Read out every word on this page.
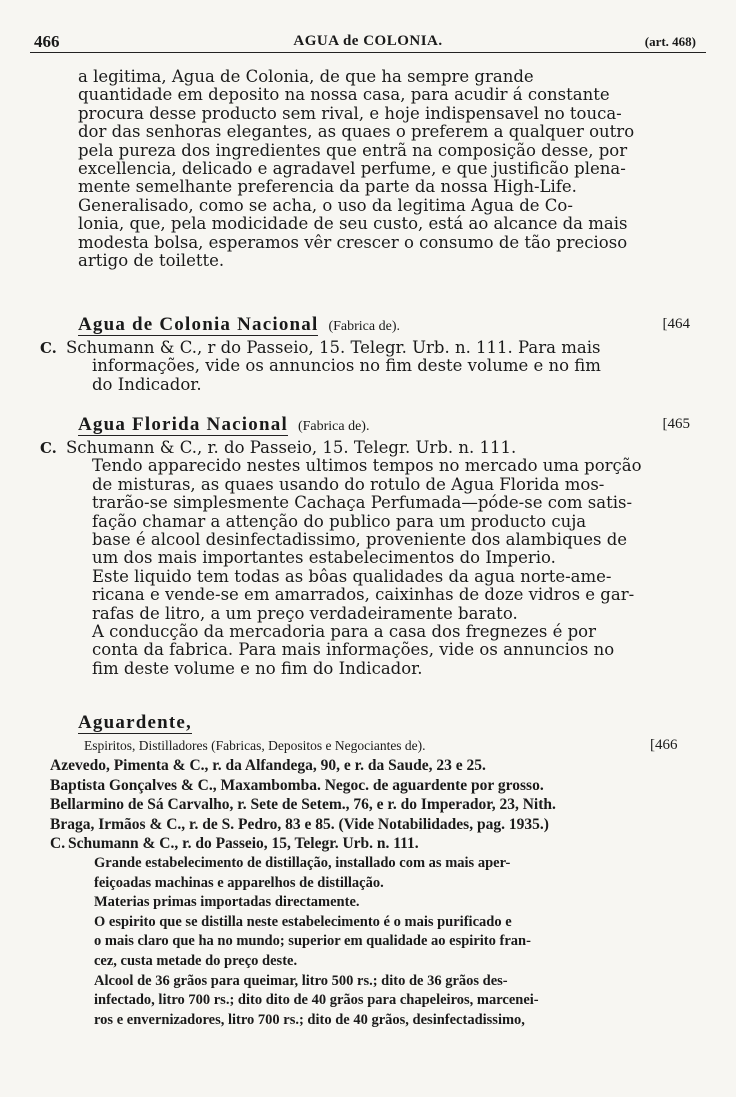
466	AGUA de COLONIA.	(art. 468)

a legitima, Agua de Colonia, de que ha sempre grande

quantidade em deposito na nossa casa, para acudir á constante

procura desse producto sem rival, e hoje indispensavel no touca-

dor das senhoras elegantes, as quaes o preferem a qualquer outro

pela pureza dos ingredientes que entrã na composição desse, por

excellencia, delicado e agradavel perfume, e que justificão plena-

mente semelhante preferencia da parte da nossa High-Life.

Generalisado, como se acha, o uso da legitima Agua de Co-

lonia, que, pela modicidade de seu custo, está ao alcance da mais

modesta bolsa, esperamos vêr crescer o consumo de tão precioso

artigo de toilette.

Agua de Colonia Nacional (Fabrica de).	[464
C. Schumann & C., r do Passeio, 15. Telegr. Urb. n. 111. Para mais
informações, vide os annuncios no fim deste volume e no fim
do Indicador.
Agua Florida Nacional (Fabrica de).	[465
C. Schumann & C., r. do Passeio, 15. Telegr. Urb. n. 111.
Tendo apparecido nestes ultimos tempos no mercado uma porção
de misturas, as quaes usando do rotulo de Agua Florida mos-
trarão-se simplesmente Cachaça Perfumada—póde-se com satis-
fação chamar a attenção do publico para um producto cuja
base é alcool desinfectadissimo, proveniente dos alambiques de
um dos mais importantes estabelecimentos do Imperio.
Este liquido tem todas as bôas qualidades da agua norte-ame-
ricana e vende-se em amarrados, caixinhas de doze vidros e gar-
rafas de litro, a um preço verdadeiramente barato.
A conducção da mercadoria para a casa dos fregnezes é por
conta da fabrica. Para mais informações, vide os annuncios no
fim deste volume e no fim do Indicador.
Aguardente,
Espiritos, Distilladores (Fabricas, Depositos e Negociantes de).	[466
Azevedo, Pimenta & C., r. da Alfandega, 90, e r. da Saude, 23 e 25.
Baptista Gonçalves & C., Maxambomba. Negoc. de aguardente por grosso.
Bellarmino de Sá Carvalho, r. Sete de Setem., 76, e r. do Imperador, 23, Nith.
Braga, Irmãos & C., r. de S. Pedro, 83 e 85. (Vide Notabilidades, pag. 1935.)
C. Schumann & C., r. do Passeio, 15, Telegr. Urb. n. 111.
Grande estabelecimento de distillação, installado com as mais aper-
feiçoadas machinas e apparelhos de distillação.
Materias primas importadas directamente.
O espirito que se distilla neste estabelecimento é o mais purificado e
o mais claro que ha no mundo; superior em qualidade ao espirito fran-
cez, custa metade do preço deste.
Alcool de 36 grãos para queimar, litro 500 rs.; dito de 36 grãos des-
infectado, litro 700 rs.; dito dito de 40 grãos para chapeleiros, marcenei-
ros e envernizadores, litro 700 rs.; dito de 40 grãos, desinfectadissimo,
